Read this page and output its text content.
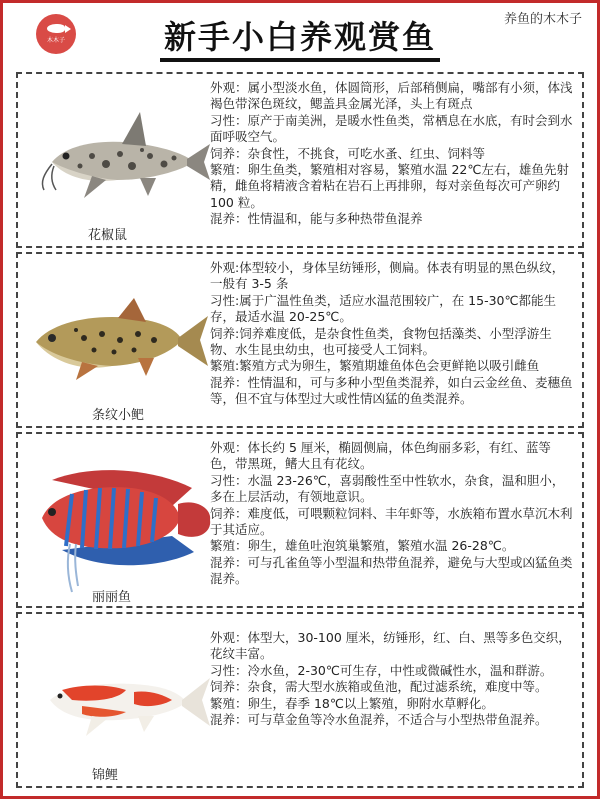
木木子	新手小白养观赏鱼	养鱼的木木子
花椒鼠

外观：属小型淡水鱼，体圆筒形，后部稍侧扁，嘴部有小须，体浅褐色带深色斑纹，鳃盖具金属光泽，头上有斑点

习性：原产于南美洲，是暖水性鱼类，常栖息在水底，有时会到水面呼吸空气。

饲养：杂食性，不挑食，可吃水蚤、红虫、饲料等

繁殖：卵生鱼类，繁殖相对容易，繁殖水温 22℃左右，雄鱼先射精，雌鱼将精液含着粘在岩石上再排卵，每对亲鱼每次可产卵约 100 粒。

混养：性情温和，能与多种热带鱼混养

条纹小鲃

外观:体型较小，身体呈纺锤形，侧扁。体表有明显的黑色纵纹，一般有 3-5 条

习性:属于广温性鱼类，适应水温范围较广，在 15-30℃都能生存，最适水温 20-25℃。

饲养:饲养难度低，是杂食性鱼类，食物包括藻类、小型浮游生物、水生昆虫幼虫，也可接受人工饲料。

繁殖:繁殖方式为卵生，繁殖期雄鱼体色会更鲜艳以吸引雌鱼

混养：性情温和，可与多种小型鱼类混养，如白云金丝鱼、麦穗鱼等，但不宜与体型过大或性情凶猛的鱼类混养。

丽丽鱼

外观：体长约 5 厘米，椭圆侧扁，体色绚丽多彩，有红、蓝等色，带黑斑，鳍大且有花纹。

习性：水温 23-26℃，喜弱酸性至中性软水，杂食，温和胆小，多在上层活动，有领地意识。

饲养：难度低，可喂颗粒饲料、丰年虾等，水族箱布置水草沉木利于其适应。

繁殖：卵生，雄鱼吐泡筑巢繁殖，繁殖水温 26-28℃。

混养：可与孔雀鱼等小型温和热带鱼混养，避免与大型或凶猛鱼类混养。

锦鲤

外观：体型大，30-100 厘米，纺锤形，红、白、黑等多色交织，花纹丰富。

习性：冷水鱼，2-30℃可生存，中性或微碱性水，温和群游。

饲养：杂食，需大型水族箱或鱼池，配过滤系统，难度中等。

繁殖：卵生，春季 18℃以上繁殖，卵附水草孵化。

混养：可与草金鱼等冷水鱼混养，不适合与小型热带鱼混养。
